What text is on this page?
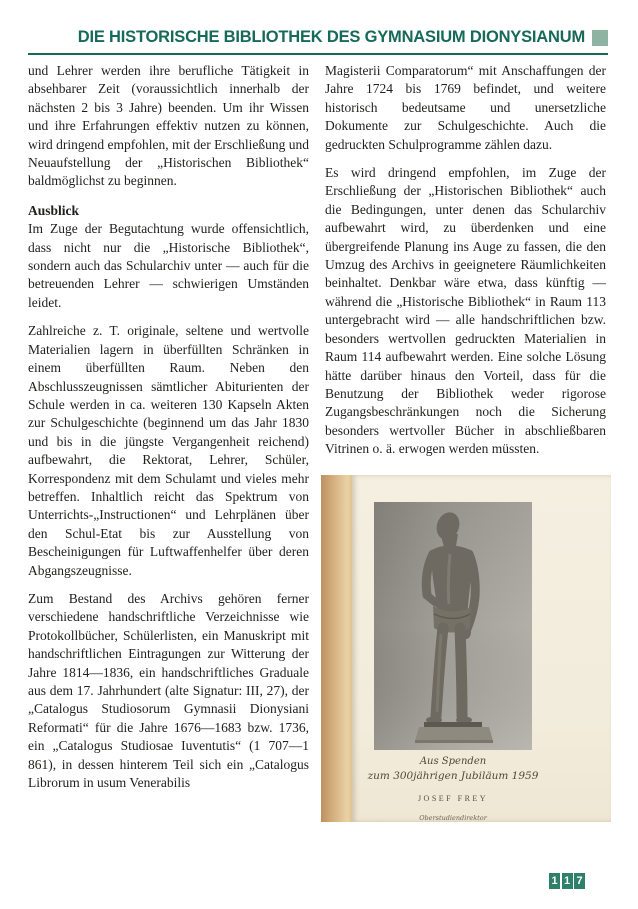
DIE HISTORISCHE BIBLIOTHEK DES GYMNASIUM DIONYSIANUM

und Lehrer werden ihre berufliche Tätigkeit in absehbarer Zeit (voraussichtlich innerhalb der nächsten 2 bis 3 Jahre) beenden. Um ihr Wissen und ihre Erfahrungen effektiv nutzen zu können, wird dringend empfohlen, mit der Erschließung und Neuaufstellung der „Historischen Bibliothek“ baldmöglichst zu beginnen.

Ausblick

Im Zuge der Begutachtung wurde offensichtlich, dass nicht nur die „Historische Bibliothek“, sondern auch das Schularchiv unter — auch für die betreuenden Lehrer — schwierigen Umständen leidet.

Zahlreiche z. T. originale, seltene und wertvolle Materialien lagern in überfüllten Schränken in einem überfüllten Raum. Neben den Abschlusszeugnissen sämtlicher Abiturienten der Schule werden in ca. weiteren 130 Kapseln Akten zur Schulgeschichte (beginnend um das Jahr 1830 und bis in die jüngste Vergangenheit reichend) aufbewahrt, die Rektorat, Lehrer, Schüler, Korrespondenz mit dem Schulamt und vieles mehr betreffen. Inhaltlich reicht das Spektrum von Unterrichts-„Instructionen“ und Lehrplänen über den Schul-Etat bis zur Ausstellung von Bescheinigungen für Luftwaffenhelfer über deren Abgangszeugnisse.

Zum Bestand des Archivs gehören ferner verschiedene handschriftliche Verzeichnisse wie Protokollbücher, Schülerlisten, ein Manuskript mit handschriftlichen Eintragungen zur Witterung der Jahre 1814—1836, ein handschriftliches Graduale aus dem 17. Jahrhundert (alte Signatur: III, 27), der „Catalogus Studiosorum Gymnasii Dionysiani Reformati“ für die Jahre 1676—1683 bzw. 1736, ein „Catalogus Studiosae Iuventutis“ (1 707—1 861), in dessen hinterem Teil sich ein „Catalogus Librorum in usum Venerabilis

Magisterii Comparatorum“ mit Anschaffungen der Jahre 1724 bis 1769 befindet, und weitere historisch bedeutsame und unersetzliche Dokumente zur Schulgeschichte. Auch die gedruckten Schulprogramme zählen dazu.

Es wird dringend empfohlen, im Zuge der Erschließung der „Historischen Bibliothek“ auch die Bedingungen, unter denen das Schularchiv aufbewahrt wird, zu überdenken und eine übergreifende Planung ins Auge zu fassen, die den Umzug des Archivs in geeignetere Räumlichkeiten beinhaltet. Denkbar wäre etwa, dass künftig — während die „Historische Bibliothek“ in Raum 113 untergebracht wird — alle handschriftlichen bzw. besonders wertvollen gedruckten Materialien in Raum 114 aufbewahrt werden. Eine solche Lösung hätte darüber hinaus den Vorteil, dass für die Benutzung der Bibliothek weder rigorose Zugangsbeschränkungen noch die Sicherung besonders wertvoller Bücher in abschließbaren Vitrinen o. ä. erwogen werden müssten.

Aus Spenden
zum 300jährigen Jubiläum 1959
JOSEF FREY
Oberstudiendirektor
1 1 7
